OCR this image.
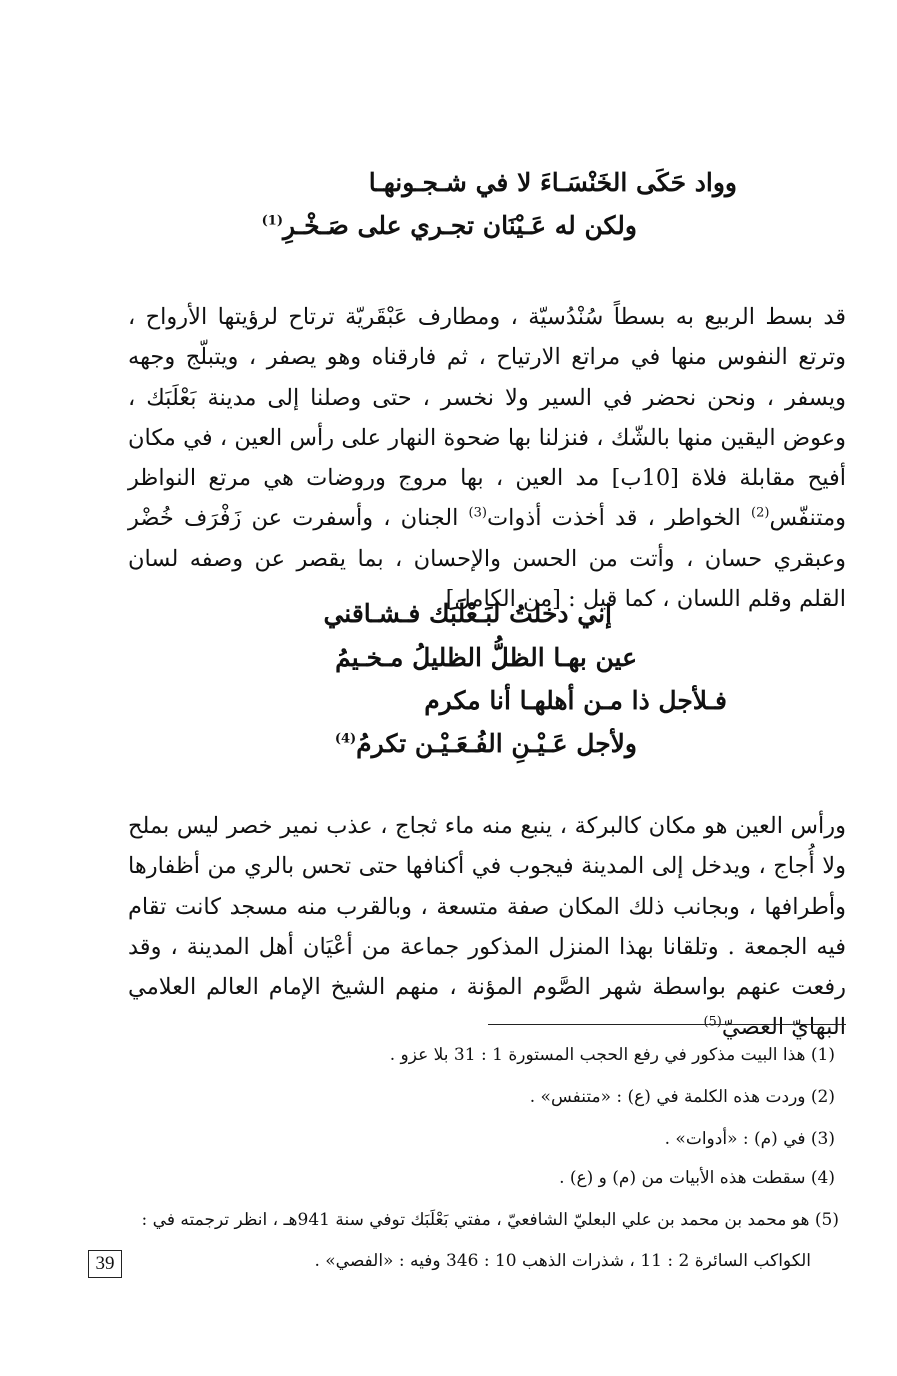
وواد حَكَى الخَنْسَـاءَ لا في شـجـونهـا
ولكن له عَـيْنَان تجـري على صَـخْـرِ$^{(1)}$

قد بسط الربيع به بسطاً سُنْدُسيّة ، ومطارف عَبْقَريّة ترتاح لرؤيتها الأرواح ، وترتع النفوس منها في مراتع الارتياح ، ثم فارقناه وهو يصفر ، ويتبلّج وجهه ويسفر ، ونحن نحضر في السير ولا نخسر ، حتى وصلنا إلى مدينة بَعْلَبَك ، وعوض اليقين منها بالشّك ، فنزلنا بها ضحوة النهار على رأس العين ، في مكان أفيح مقابلة فلاة [10ب] مد العين ، بها مروج وروضات هي مرتع النواظر ومتنفّس$^{(2)}$ الخواطر ، قد أخذت أذوات$^{(3)}$ الجنان ، وأسفرت عن زَفْرَف خُضْر وعبقري حسان ، وأتت من الحسن والإحسان ، بما يقصر عن وصفه لسان القلم وقلم اللسان ، كما قيل : [من الكامل]

إني دخلتُ لبَـعْلَبَك فـشـاقني
عين بهـا الظلُّ الظليلُ مـخـيمُ
فـلأجل ذا مـن أهلهـا أنا مكرم
ولأجل عَـيْـنِ الفُـعَـيْـن تكرمُ$^{(4)}$

ورأس العين هو مكان كالبركة ، ينبع منه ماء ثجاج ، عذب نمير خصر ليس بملح ولا أُجاج ، ويدخل إلى المدينة فيجوب في أكنافها حتى تحس بالري من أظفارها وأطرافها ، وبجانب ذلك المكان صفة متسعة ، وبالقرب منه مسجد كانت تقام فيه الجمعة . وتلقانا بهذا المنزل المذكور جماعة من أعْيَان أهل المدينة ، وقد رفعت عنهم بواسطة شهر الصَّوم المؤنة ، منهم الشيخ الإمام العالم العلامي البهايّ العصيّ$^{(5)}$

(1) هذا البيت مذكور في رفع الحجب المستورة 1 : 31 بلا عزو .
(2) وردت هذه الكلمة في (ع) : «متنفس» .
(3) في (م) : «أدوات» .
(4) سقطت هذه الأبيات من (م) و (ع) .
(5) هو محمد بن محمد بن علي البعليّ الشافعيّ ، مفتي بَعْلَبَك توفي سنة 941هـ ، انظر ترجمته في :
الكواكب السائرة 2 : 11 ، شذرات الذهب 10 : 346 وفيه : «الفصي» .
39
